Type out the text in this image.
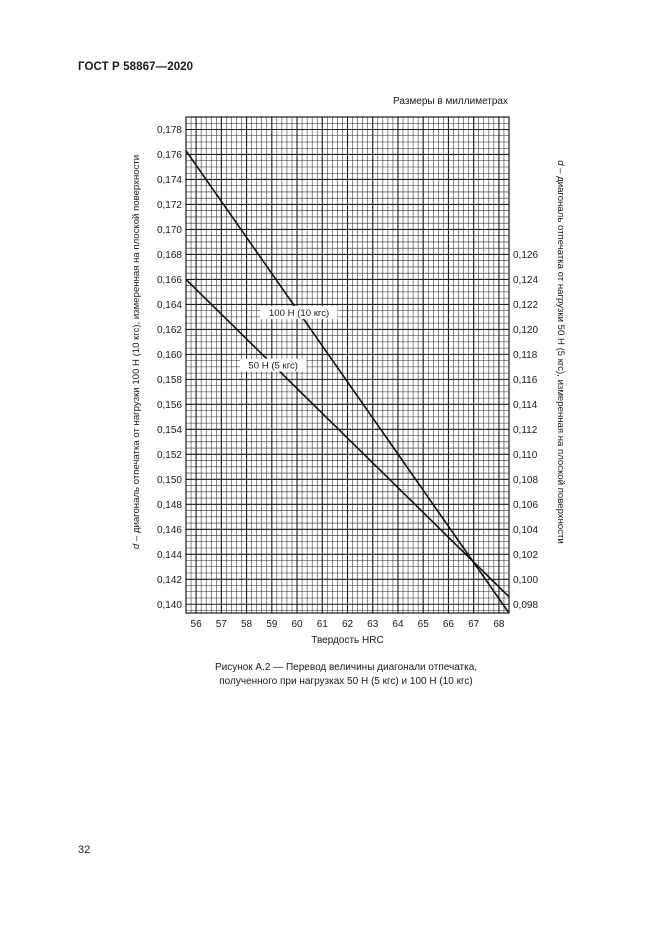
ГОСТ Р 58867—2020
Размеры в миллиметрах
100 Н (10 кгс)
50 Н (5 кгс)
56 57 58 59 60 61 62 63 64 65 66 67 68
0,140
0,142
0,144
0,146
0,148
0,150
0,152
0,154
0,156
0,158
0,160
0,162
0,164
0,166
0,168
0,170
0,172
0,174
0,176
0,178
0,098
0,100
0,102
0,104
0,106
0,108
0,110
0,112
0,114
0,116
0,118
0,120
0,122
0,124
0,126
Твердость HRC
d – диагональ отпечатка от нагрузки 100 Н (10 кгс), измеренная на плоской поверхности	d – диагональ отпечатка от нагрузки 50 Н (5 кгс), измеренная на плоской поверхности
Рисунок А.2 — Перевод величины диагонали отпечатка,
полученного при нагрузках 50 Н (5 кгс) и 100 Н (10 кгс)
32
